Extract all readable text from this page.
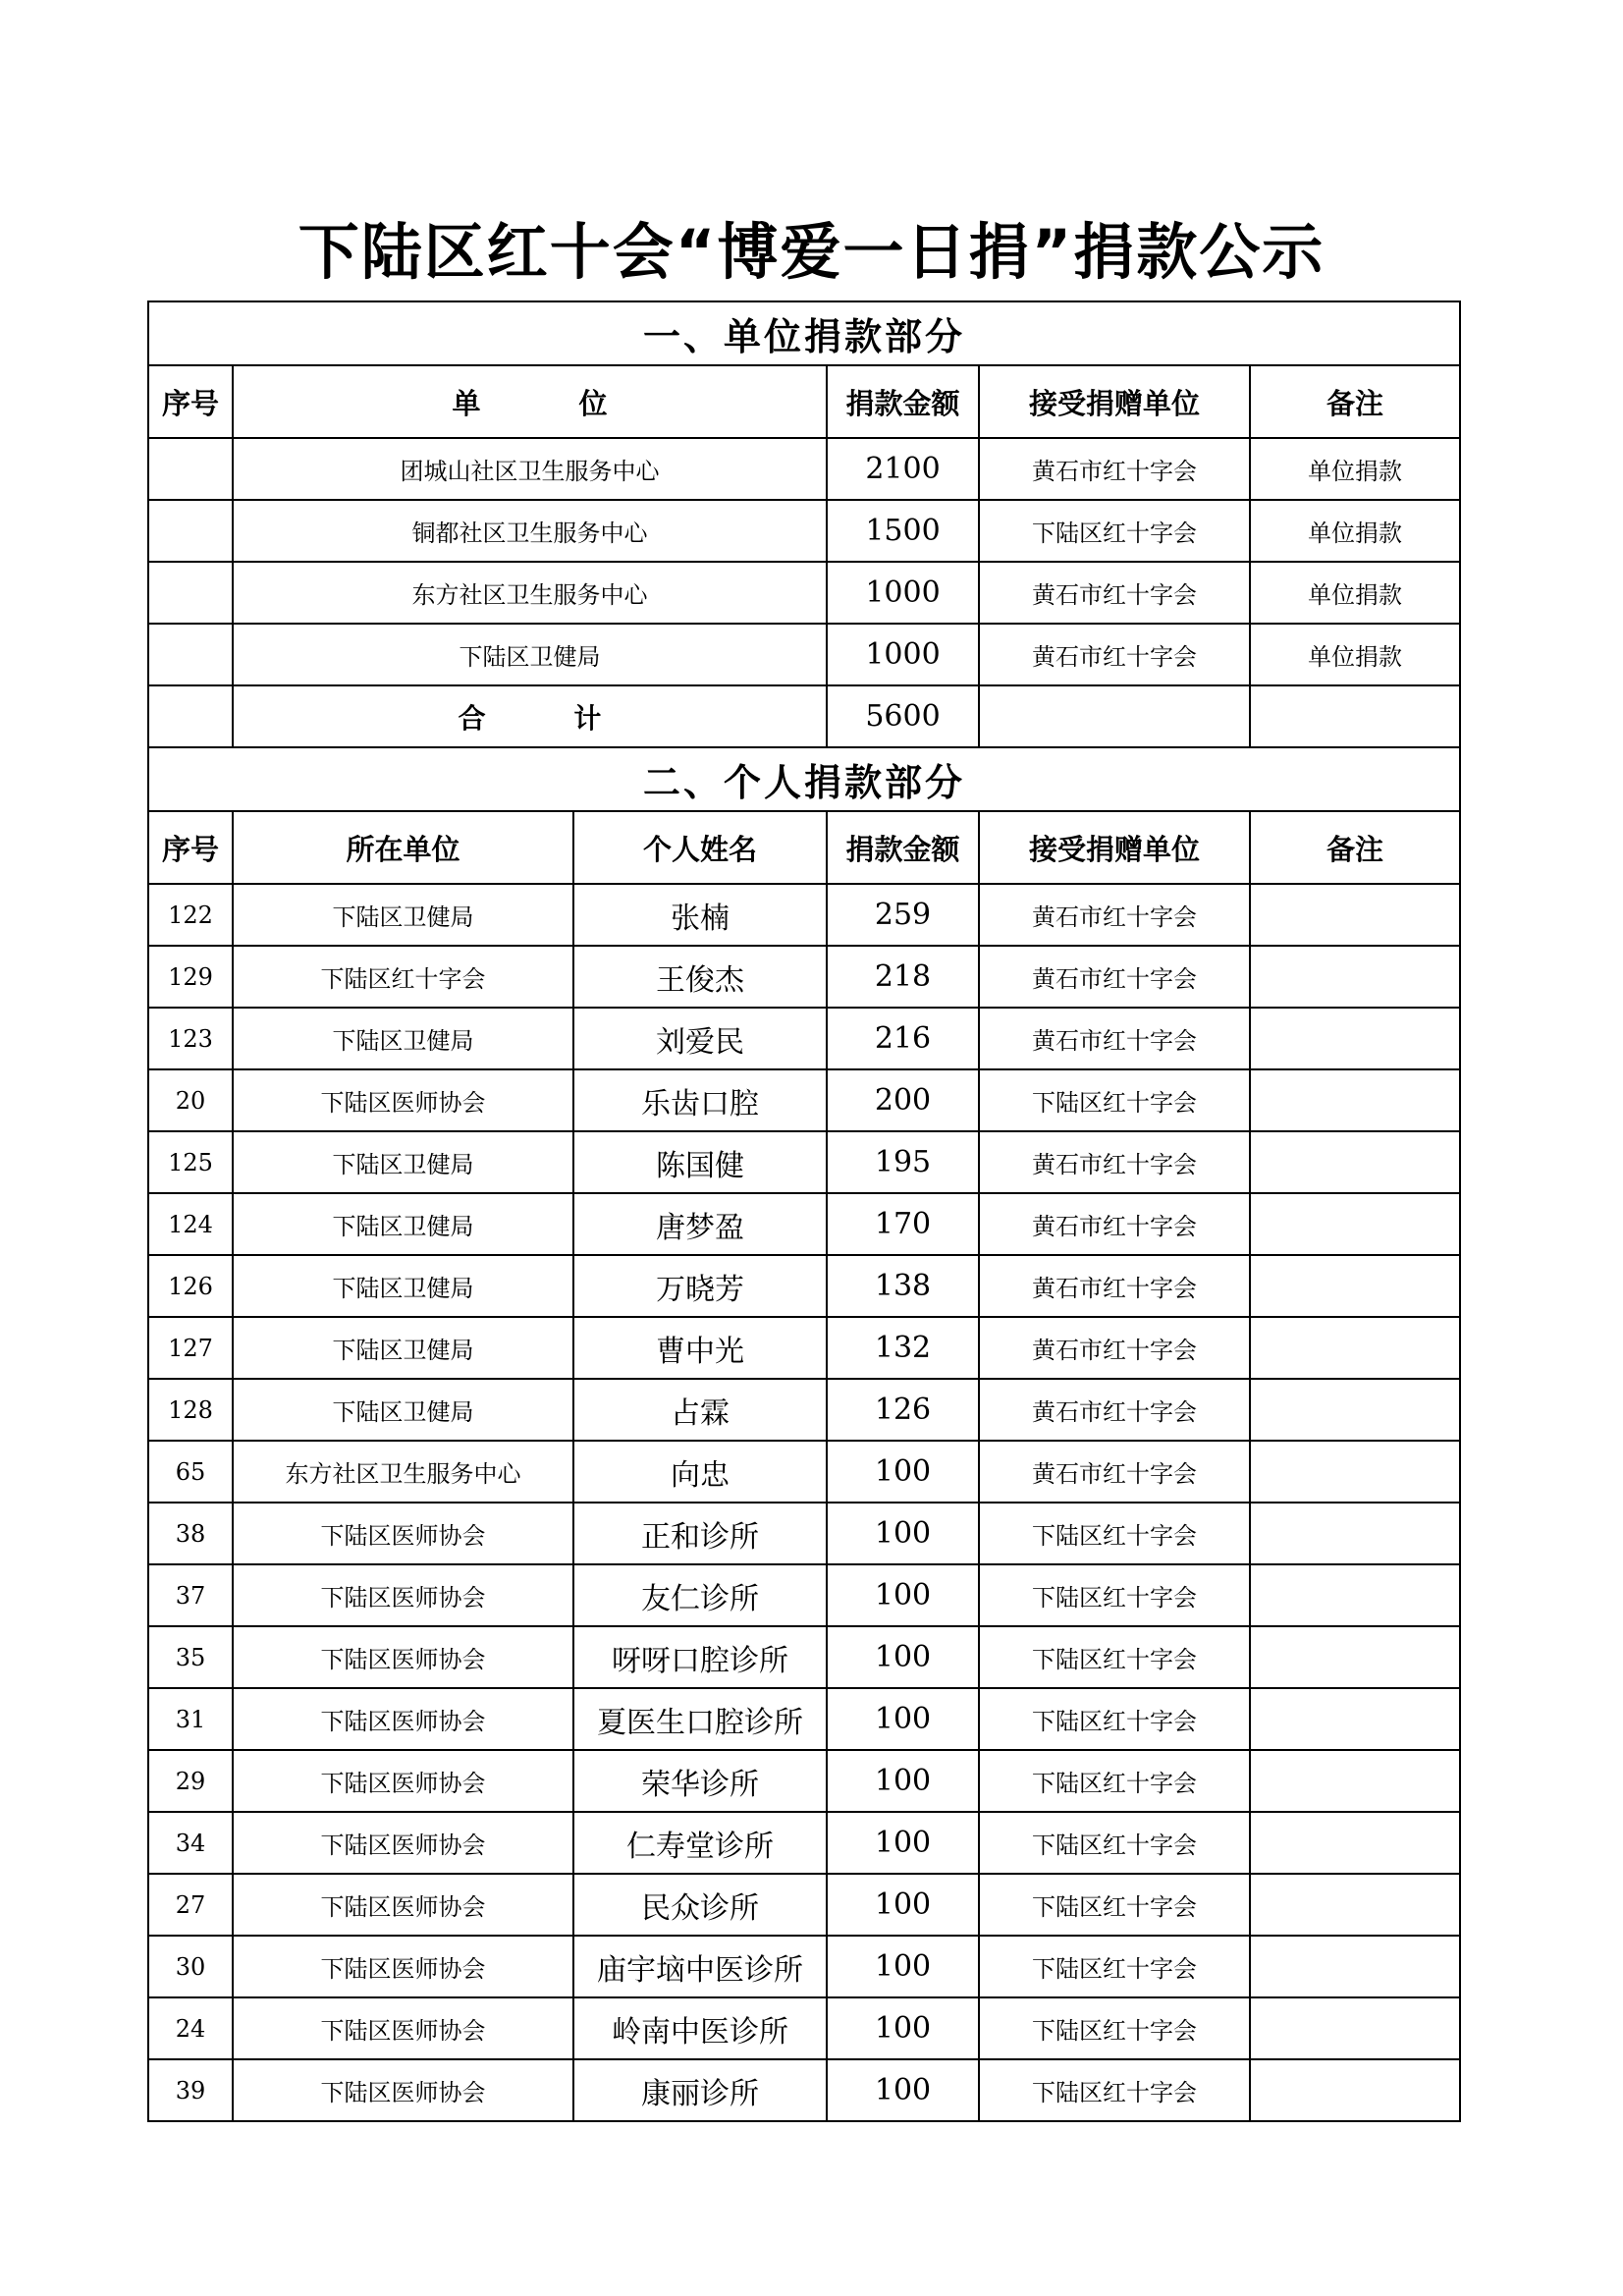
下陆区红十会“博爱一日捐”捐款公示
一、单位捐款部分					
序号	单 位		捐款金额	接受捐赠单位	备注
	团城山社区卫生服务中心		2100	黄石市红十字会	单位捐款
	铜都社区卫生服务中心		1500	下陆区红十字会	单位捐款
	东方社区卫生服务中心		1000	黄石市红十字会	单位捐款
	下陆区卫健局		1000	黄石市红十字会	单位捐款
	合 计		5600		
二、个人捐款部分					
序号	所在单位	个人姓名	捐款金额	接受捐赠单位	备注
122	下陆区卫健局	张楠	259	黄石市红十字会	
129	下陆区红十字会	王俊杰	218	黄石市红十字会	
123	下陆区卫健局	刘爱民	216	黄石市红十字会	
20	下陆区医师协会	乐齿口腔	200	下陆区红十字会	
125	下陆区卫健局	陈国健	195	黄石市红十字会	
124	下陆区卫健局	唐梦盈	170	黄石市红十字会	
126	下陆区卫健局	万晓芳	138	黄石市红十字会	
127	下陆区卫健局	曹中光	132	黄石市红十字会	
128	下陆区卫健局	占霖	126	黄石市红十字会	
65	东方社区卫生服务中心	向忠	100	黄石市红十字会	
38	下陆区医师协会	正和诊所	100	下陆区红十字会	
37	下陆区医师协会	友仁诊所	100	下陆区红十字会	
35	下陆区医师协会	呀呀口腔诊所	100	下陆区红十字会	
31	下陆区医师协会	夏医生口腔诊所	100	下陆区红十字会	
29	下陆区医师协会	荣华诊所	100	下陆区红十字会	
34	下陆区医师协会	仁寿堂诊所	100	下陆区红十字会	
27	下陆区医师协会	民众诊所	100	下陆区红十字会	
30	下陆区医师协会	庙宇垴中医诊所	100	下陆区红十字会	
24	下陆区医师协会	岭南中医诊所	100	下陆区红十字会	
39	下陆区医师协会	康丽诊所	100	下陆区红十字会	
